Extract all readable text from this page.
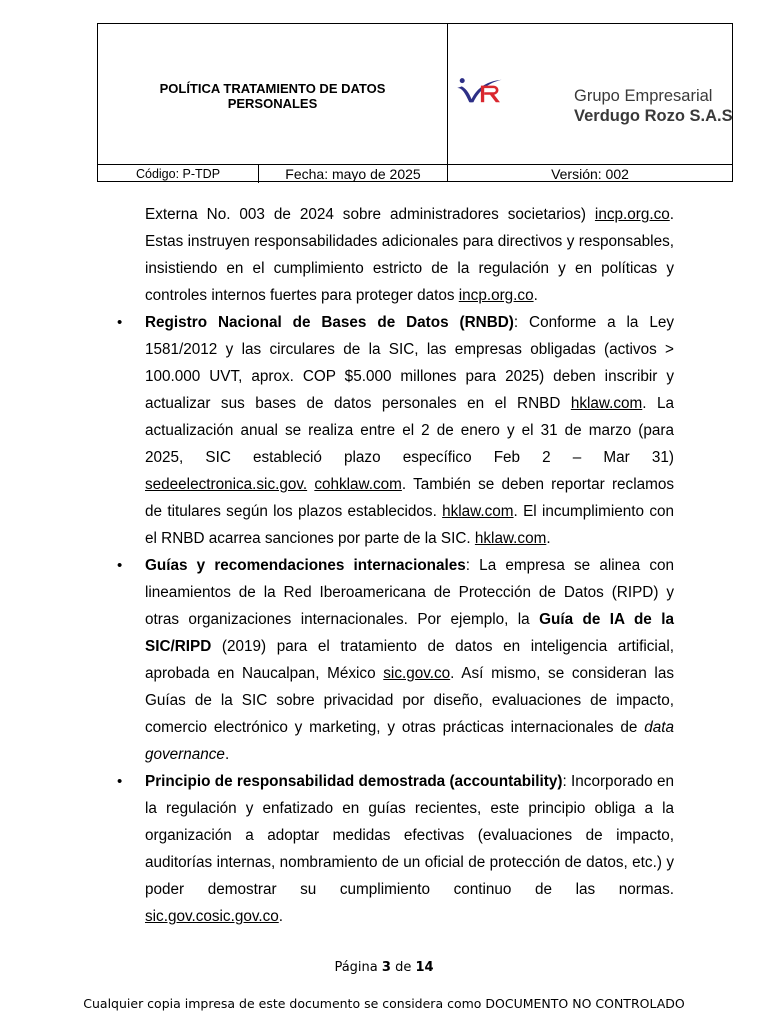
POLÍTICA TRATAMIENTO DE DATOS
PERSONALES
Código: P-TDP	Fecha: mayo de 2025	Versión: 002
Grupo Empresarial
Verdugo Rozo S.A.S

Externa No. 003 de 2024 sobre administradores societarios) incp.org.co. Estas instruyen responsabilidades adicionales para directivos y responsables, insistiendo en el cumplimiento estricto de la regulación y en políticas y controles internos fuertes para proteger datos incp.org.co.

• Registro Nacional de Bases de Datos (RNBD): Conforme a la Ley 1581/2012 y las circulares de la SIC, las empresas obligadas (activos > 100.000 UVT, aprox. COP $5.000 millones para 2025) deben inscribir y actualizar sus bases de datos personales en el RNBD hklaw.com. La actualización anual se realiza entre el 2 de enero y el 31 de marzo (para 2025, SIC estableció plazo específico Feb 2 – Mar 31) sedeelectronica.sic.gov. cohklaw.com. También se deben reportar reclamos de titulares según los plazos establecidos. hklaw.com. El incumplimiento con el RNBD acarrea sanciones por parte de la SIC. hklaw.com.

• Guías y recomendaciones internacionales: La empresa se alinea con lineamientos de la Red Iberoamericana de Protección de Datos (RIPD) y otras organizaciones internacionales. Por ejemplo, la Guía de IA de la SIC/RIPD (2019) para el tratamiento de datos en inteligencia artificial, aprobada en Naucalpan, México sic.gov.co. Así mismo, se consideran las Guías de la SIC sobre privacidad por diseño, evaluaciones de impacto, comercio electrónico y marketing, y otras prácticas internacionales de data governance.

• Principio de responsabilidad demostrada (accountability): Incorporado en la regulación y enfatizado en guías recientes, este principio obliga a la organización a adoptar medidas efectivas (evaluaciones de impacto, auditorías internas, nombramiento de un oficial de protección de datos, etc.) y poder demostrar su cumplimiento continuo de las normas. sic.gov.cosic.gov.co.

Página 3 de 14
Cualquier copia impresa de este documento se considera como DOCUMENTO NO CONTROLADO
